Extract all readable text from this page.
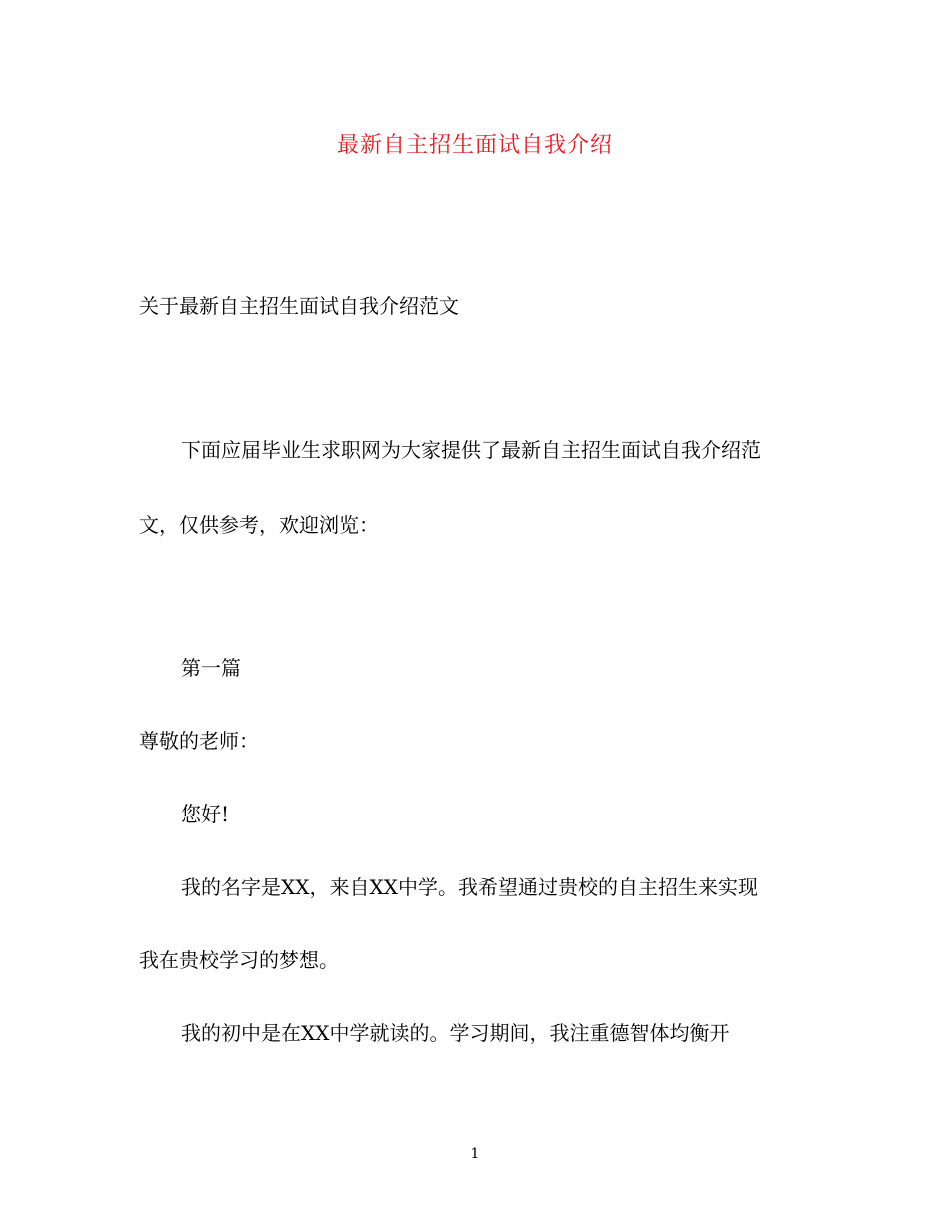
最新自主招生面试自我介绍
关于最新自主招生面试自我介绍范文
下面应届毕业生求职网为大家提供了最新自主招生面试自我介绍范
文，仅供参考，欢迎浏览：
第一篇
尊敬的老师：
您好!
我的名字是XX，来自XX中学。我希望通过贵校的自主招生来实现
我在贵校学习的梦想。
我的初中是在XX中学就读的。学习期间，我注重德智体均衡开
1
